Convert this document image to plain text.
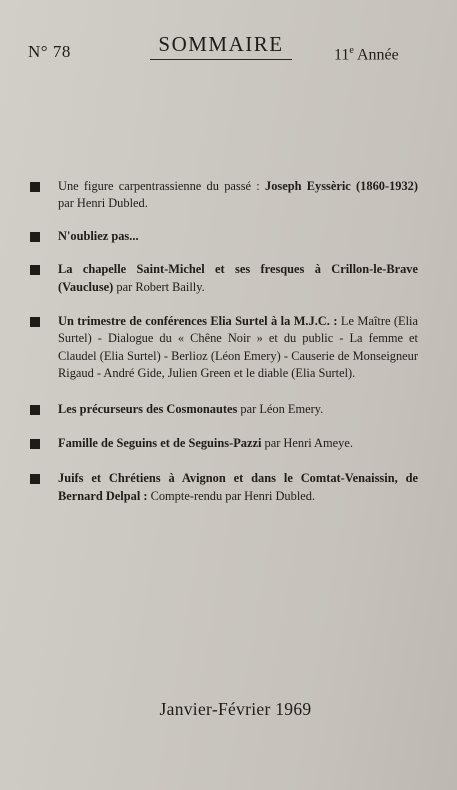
N° 78	SOMMAIRE	11e Année
Une figure carpentrassienne du passé : Joseph Eyssèric (1860-1932) par Henri Dubled.
N'oubliez pas...
La chapelle Saint-Michel et ses fresques à Crillon-le-Brave (Vaucluse) par Robert Bailly.
Un trimestre de conférences Elia Surtel à la M.J.C. : Le Maître (Elia Surtel) - Dialogue du « Chêne Noir » et du public - La femme et Claudel (Elia Surtel) - Berlioz (Léon Emery) - Causerie de Monseigneur Rigaud - André Gide, Julien Green et le diable (Elia Surtel).
Les précurseurs des Cosmonautes par Léon Emery.
Famille de Seguins et de Seguins-Pazzi par Henri Ameye.
Juifs et Chrétiens à Avignon et dans le Comtat-Venaissin, de Bernard Delpal : Compte-rendu par Henri Dubled.
Janvier-Février 1969
